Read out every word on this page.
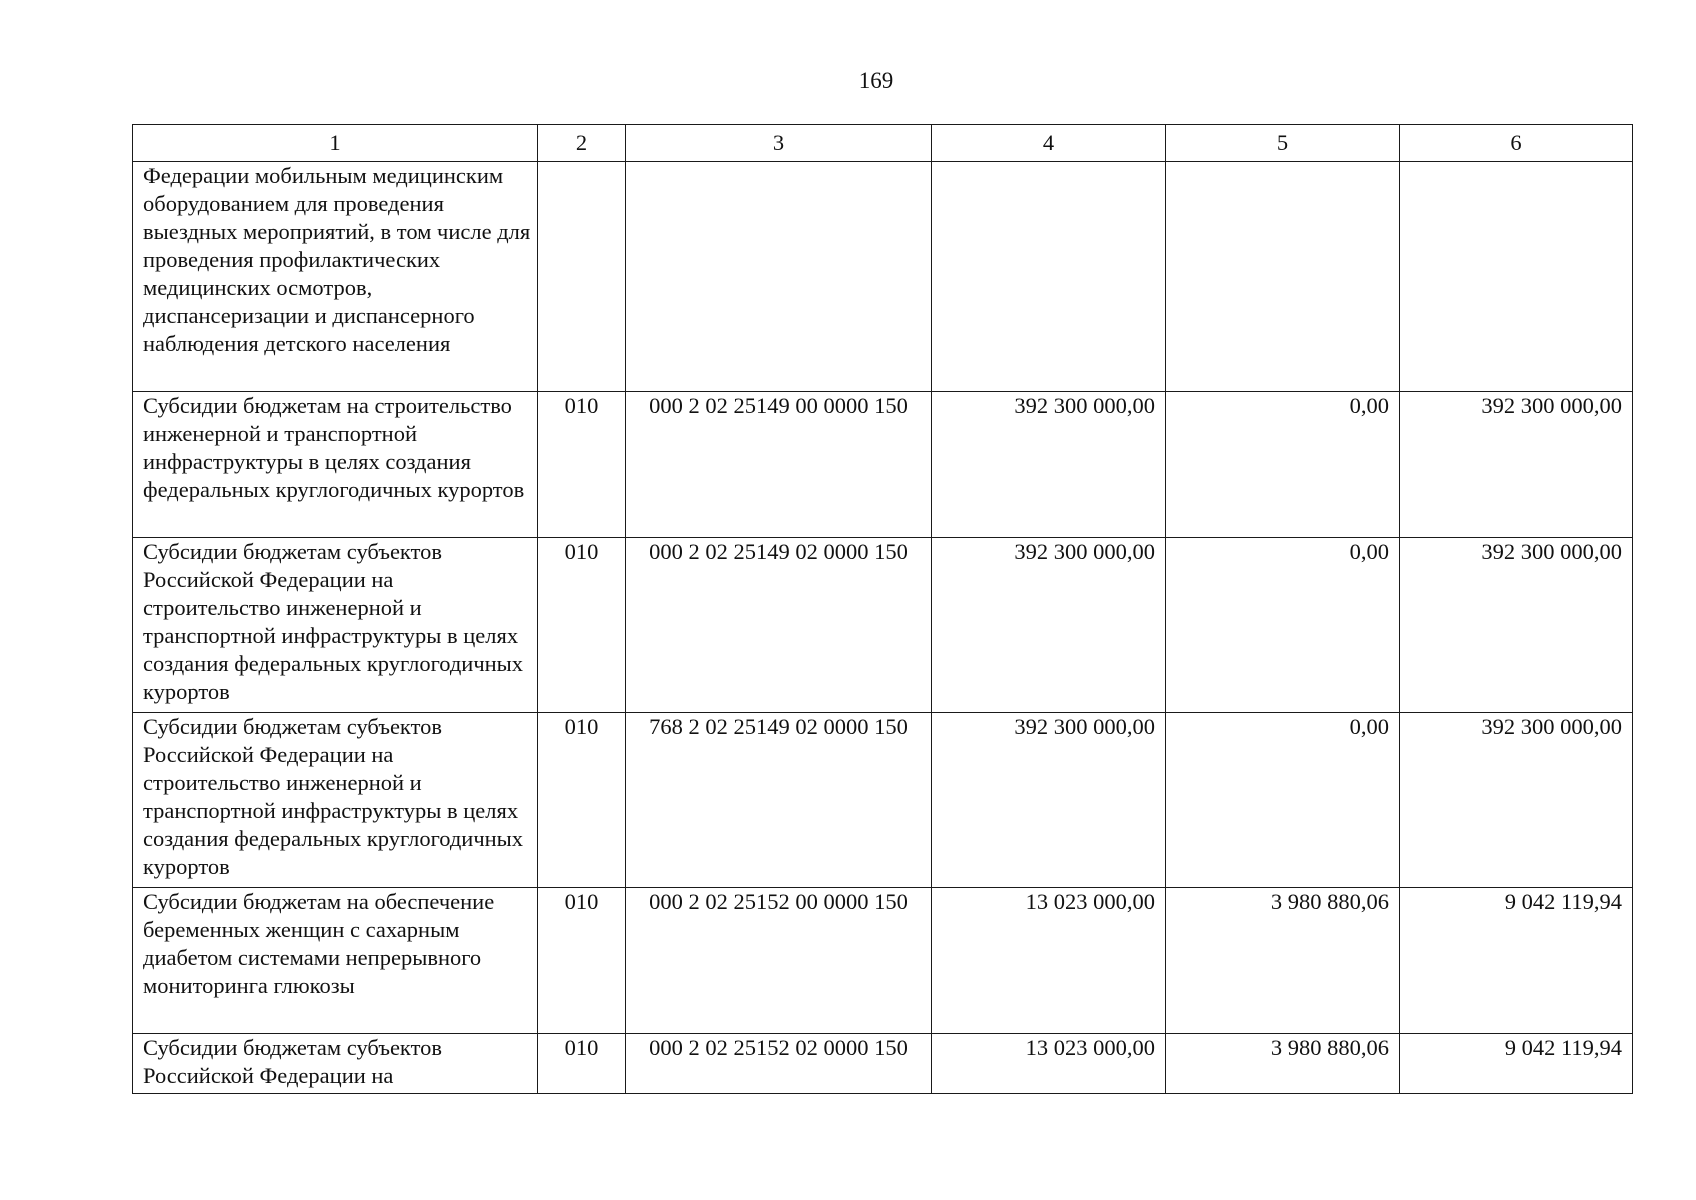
169
1	2	3	4	5	6
Федерации мобильным медицинским оборудованием для проведения выездных мероприятий, в том числе для проведения профилактических медицинских осмотров, диспансеризации и диспансерного наблюдения детского населения					
Субсидии бюджетам на строительство инженерной и транспортной инфраструктуры в целях создания федеральных круглогодичных курортов	010	000 2 02 25149 00 0000 150	392 300 000,00	0,00	392 300 000,00
Субсидии бюджетам субъектов Российской Федерации на строительство инженерной и транспортной инфраструктуры в целях создания федеральных круглогодичных курортов	010	000 2 02 25149 02 0000 150	392 300 000,00	0,00	392 300 000,00
Субсидии бюджетам субъектов Российской Федерации на строительство инженерной и транспортной инфраструктуры в целях создания федеральных круглогодичных курортов	010	768 2 02 25149 02 0000 150	392 300 000,00	0,00	392 300 000,00
Субсидии бюджетам на обеспечение беременных женщин с сахарным диабетом системами непрерывного мониторинга глюкозы	010	000 2 02 25152 00 0000 150	13 023 000,00	3 980 880,06	9 042 119,94
Субсидии бюджетам субъектов Российской Федерации на	010	000 2 02 25152 02 0000 150	13 023 000,00	3 980 880,06	9 042 119,94
